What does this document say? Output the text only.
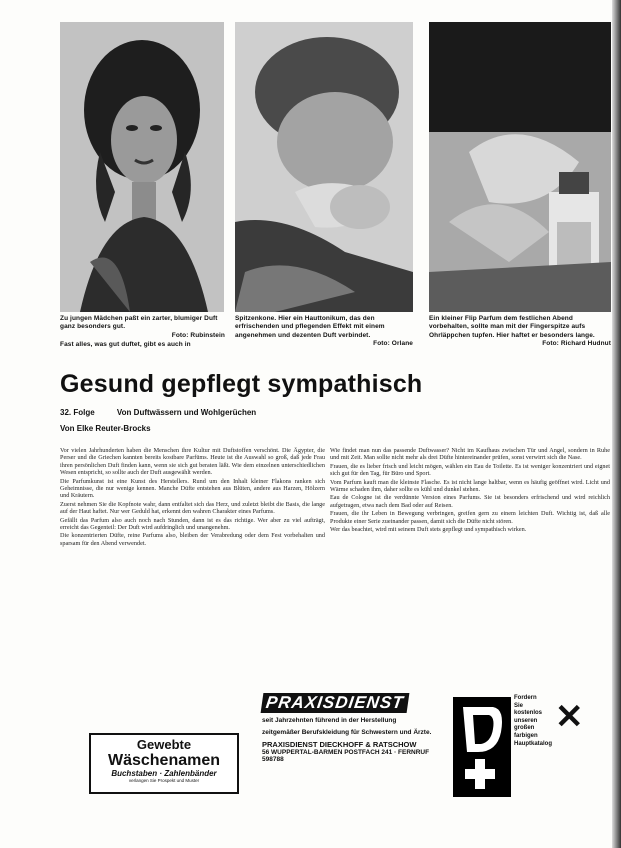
Zu jungen Mädchen paßt ein zarter, blumiger Duft ganz besonders gut.
Foto: Rubinstein
Fast alles, was gut duftet, gibt es auch in
Spitzenkone. Hier ein Hauttonikum, das den erfrischenden und pflegenden Effekt mit einem angenehmen und dezenten Duft verbindet.
Foto: Orlane
Ein kleiner Flip Parfum dem festlichen Abend vorbehalten, sollte man mit der Fingerspitze aufs Ohrläppchen tupfen. Hier haftet er besonders lange.
Foto: Richard Hudnut
Gesund gepflegt sympathisch
32. Folge	Von Duftwässern und Wohlgerüchen
Von Elke Reuter-Brocks

Vor vielen Jahrhunderten haben die Menschen ihre Kultur mit Duftstoffen verschönt. Die Ägypter, die Perser und die Griechen kannten bereits kostbare Parfüms. Heute ist die Auswahl so groß, daß jede Frau ihren persönlichen Duft finden kann, wenn sie sich gut beraten läßt. Wie dem einzelnen unterschiedlichen Wesen entspricht, so sollte auch der Duft ausgewählt werden.

Die Parfumkunst ist eine Kunst des Herstellers. Rund um den Inhalt kleiner Flakons ranken sich Geheimnisse, die nur wenige kennen. Manche Düfte entstehen aus Blüten, andere aus Harzen, Hölzern und Kräutern.

Zuerst nehmen Sie die Kopfnote wahr, dann entfaltet sich das Herz, und zuletzt bleibt die Basis, die lange auf der Haut haftet. Nur wer Geduld hat, erkennt den wahren Charakter eines Parfums.

Gefällt das Parfum also auch noch nach Stunden, dann ist es das richtige. Wer aber zu viel aufträgt, erreicht das Gegenteil: Der Duft wird aufdringlich und unangenehm.

Die konzentrierten Düfte, reine Parfums also, bleiben der Verabredung oder dem Fest vorbehalten und sparsam für den Abend verwendet.

Wie findet man nun das passende Duftwasser? Nicht im Kaufhaus zwischen Tür und Angel, sondern in Ruhe und mit Zeit. Man sollte nicht mehr als drei Düfte hintereinander prüfen, sonst verwirrt sich die Nase.

Frauen, die es lieber frisch und leicht mögen, wählen ein Eau de Toilette. Es ist weniger konzentriert und eignet sich gut für den Tag, für Büro und Sport.

Vom Parfum kauft man die kleinste Flasche. Es ist nicht lange haltbar, wenn es häufig geöffnet wird. Licht und Wärme schaden ihm, daher sollte es kühl und dunkel stehen.

Eau de Cologne ist die verdünnte Version eines Parfums. Sie ist besonders erfrischend und wird reichlich aufgetragen, etwa nach dem Bad oder auf Reisen.

Frauen, die ihr Leben in Bewegung verbringen, greifen gern zu einem leichten Duft. Wichtig ist, daß alle Produkte einer Serie zueinander passen, damit sich die Düfte nicht stören.

Wer das beachtet, wird mit seinem Duft stets gepflegt und sympathisch wirken.

Gewebte
Wäschenamen
Buchstaben · Zahlenbänder
verlangen Sie Prospekt und Muster
PRAXISDIENST
seit Jahrzehnten führend in der Herstellung
zeitgemäßer Berufskleidung für Schwestern und Ärzte.
PRAXISDIENST DIECKHOFF & RATSCHOW
56 WUPPERTAL-BARMEN POSTFACH 241 · FERNRUF 598788
Fordern
Sie
kostenlos
unseren
großen
farbigen
Hauptkatalog
✕
